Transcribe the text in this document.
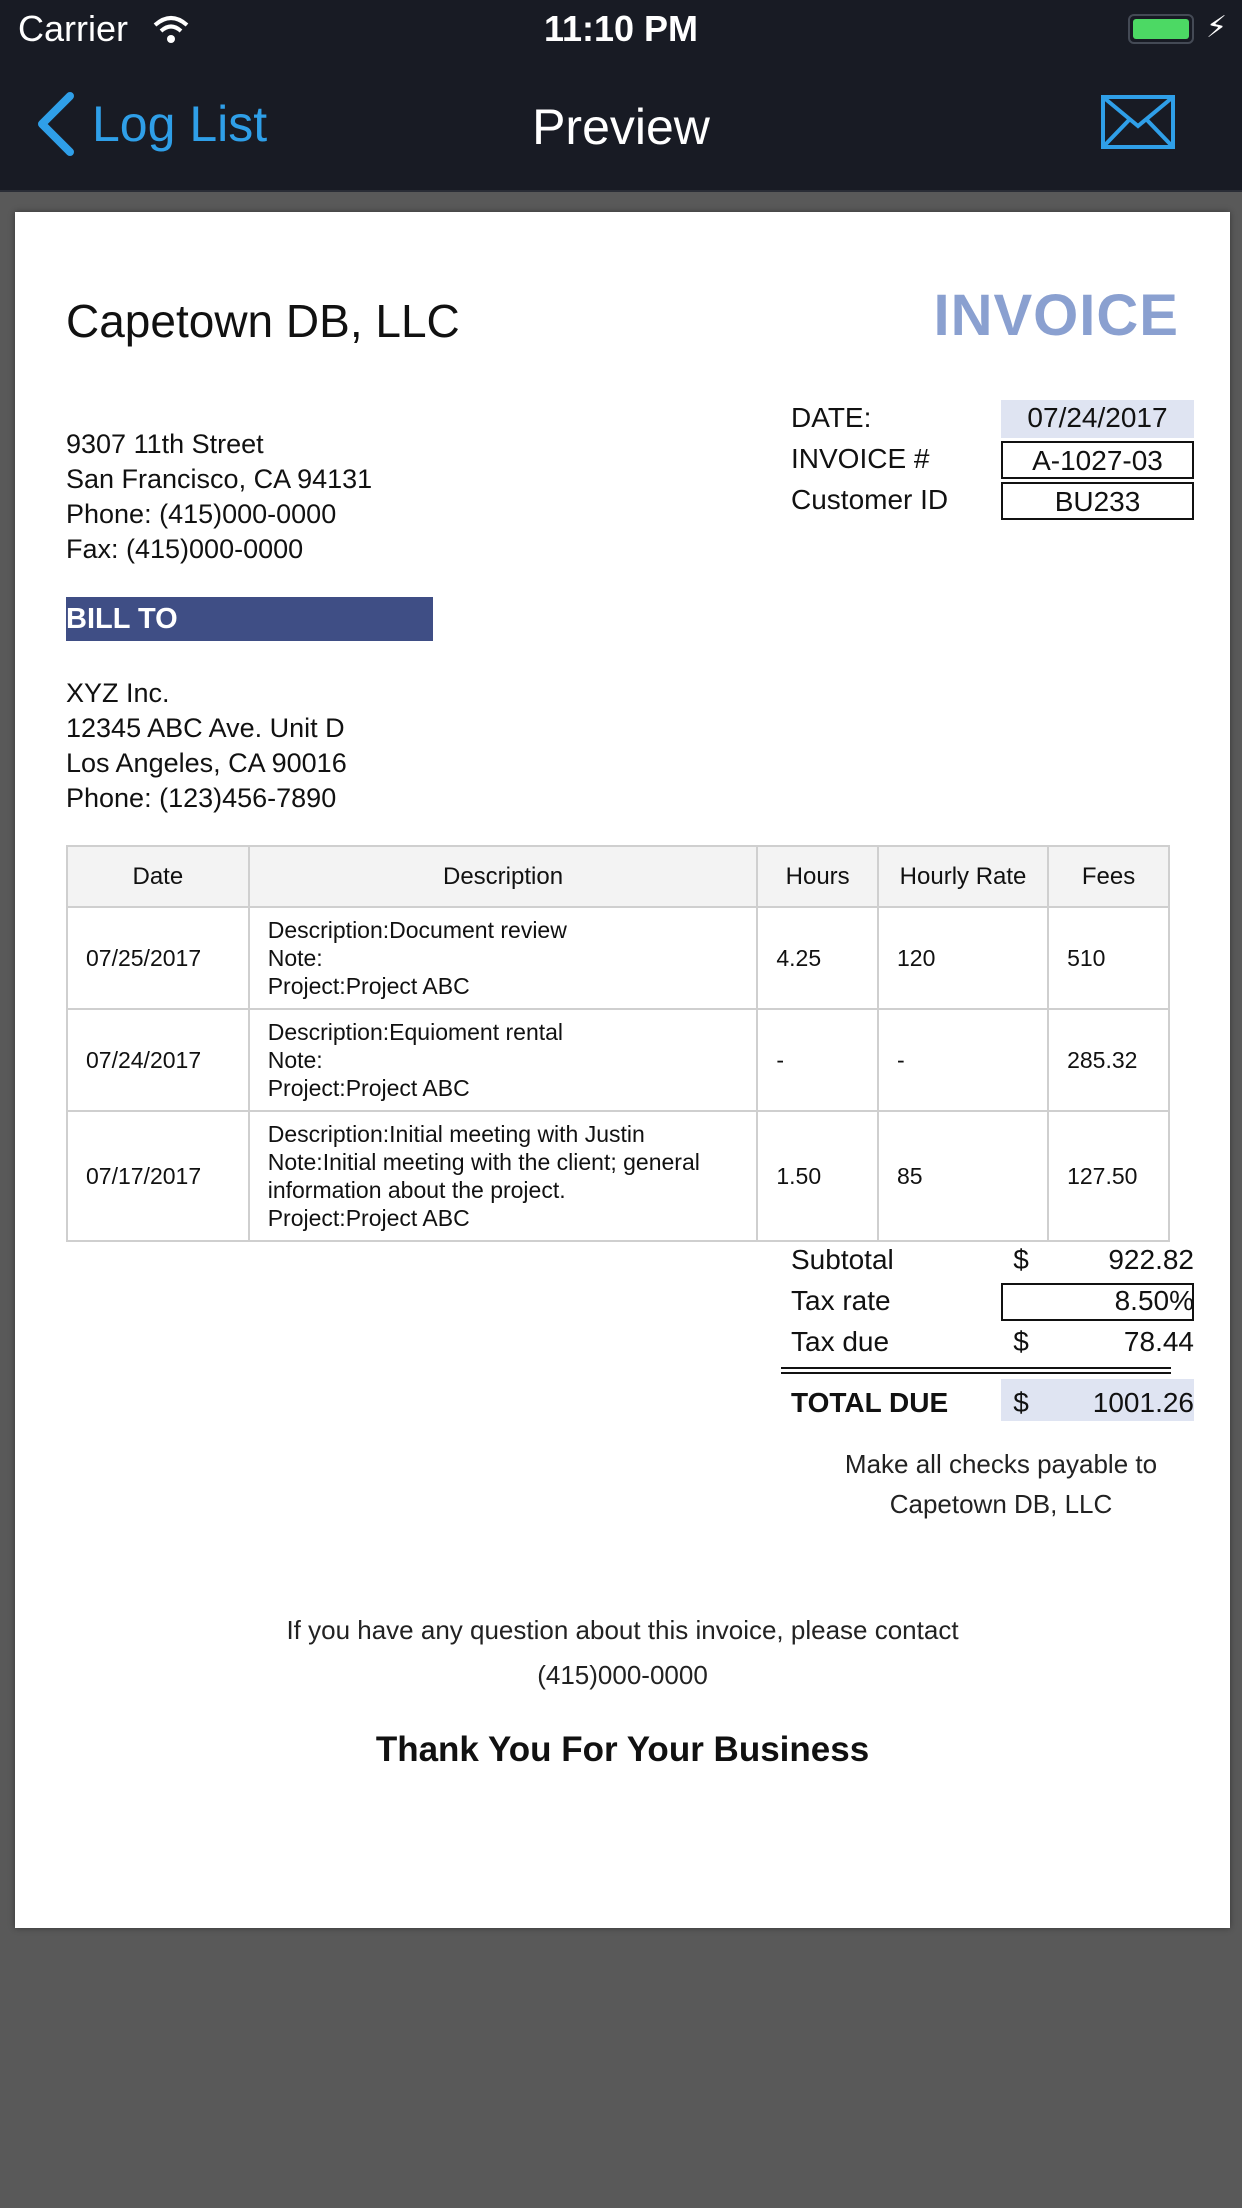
Carrier	11:10 PM	⚡
Log List	Preview
Capetown DB, LLC	INVOICE
9307 11th Street
San Francisco, CA 94131
Phone: (415)000-0000
Fax: (415)000-0000
DATE:	07/24/2017
INVOICE #	A-1027-03
Customer ID	BU233
BILL TO
XYZ Inc.
12345 ABC Ave. Unit D
Los Angeles, CA 90016
Phone: (123)456-7890
Date	Description	Hours	Hourly Rate	Fees
07/25/2017	Description:Document review
Note:
Project:Project ABC	4.25	120	510
07/24/2017	Description:Equioment rental
Note:
Project:Project ABC	-	-	285.32
07/17/2017	Description:Initial meeting with Justin
Note:Initial meeting with the client; general
information about the project.
Project:Project ABC	1.50	85	127.50
Subtotal	$	922.82
Tax rate	8.50%
Tax due	$	78.44
TOTAL DUE	$	1001.26
Make all checks payable to
Capetown DB, LLC
If you have any question about this invoice, please contact
(415)000-0000
Thank You For Your Business
